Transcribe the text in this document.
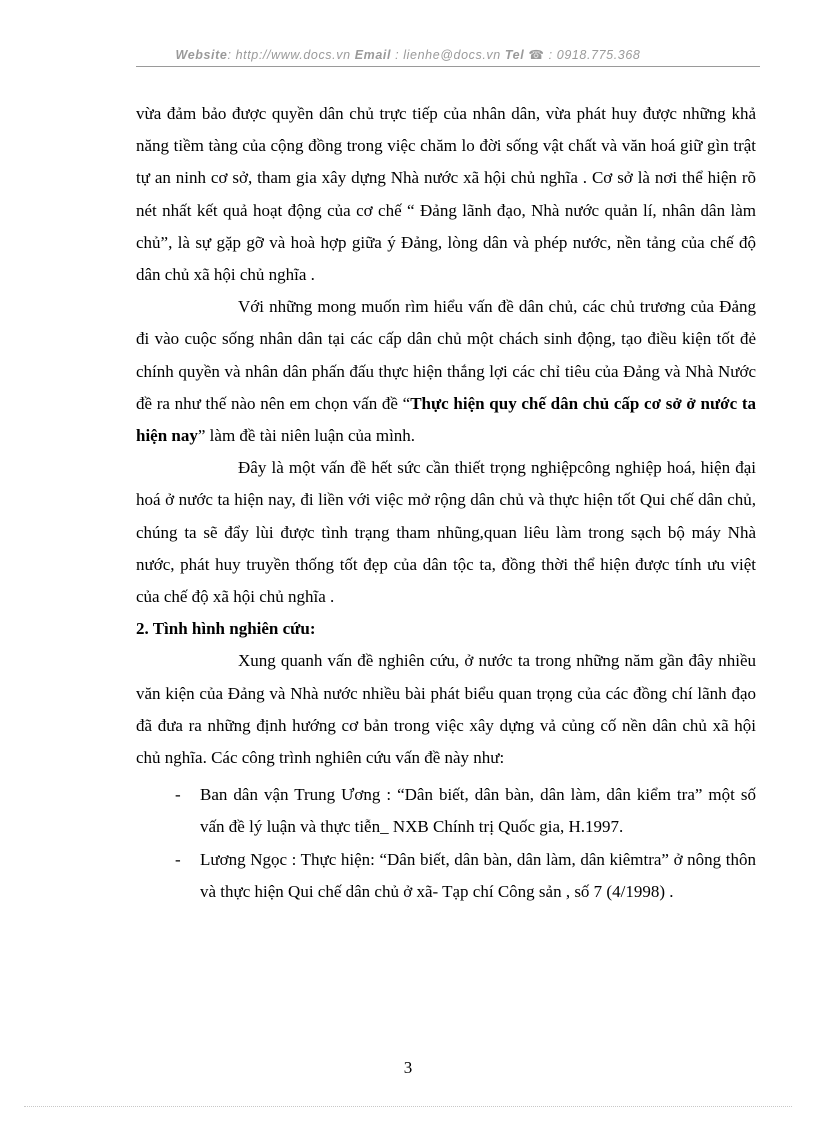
Website: http://www.docs.vn Email : lienhe@docs.vn Tel ☎ : 0918.775.368

vừa đảm bảo được quyền dân chủ trực tiếp của nhân dân, vừa phát huy được những khả năng tiềm tàng của cộng đồng trong việc chăm lo đời sống vật chất và văn hoá giữ gìn trật tự an ninh cơ sở, tham gia xây dựng Nhà nước xã hội chủ nghĩa . Cơ sở là nơi thể hiện rõ nét nhất kết quả hoạt động của cơ chế “ Đảng lãnh đạo, Nhà nước quản lí, nhân dân làm chủ”, là sự gặp gỡ và hoà hợp giữa ý Đảng, lòng dân và phép nước, nền tảng của chế độ dân chủ xã hội chủ nghĩa .

Với những mong muốn rìm hiểu vấn đề dân chủ, các chủ trương của Đảng đi vào cuộc sống nhân dân tại các cấp dân chủ một chách sinh động, tạo điều kiện tốt đẻ chính quyền và nhân dân phấn đấu thực hiện thắng lợi các chỉ tiêu của Đảng và Nhà Nước đề ra như thế nào nên em chọn vấn đề “Thực hiện quy chế dân chủ cấp cơ sở ở nước ta hiện nay” làm đề tài niên luận của mình.

Đây là một vấn đề hết sức cần thiết trọng nghiệpcông nghiệp hoá, hiện đại hoá ở nước ta hiện nay, đi liền với việc mở rộng dân chủ và thực hiện tốt Qui chế dân chủ, chúng ta sẽ đẩy lùi được tình trạng tham nhũng,quan liêu làm trong sạch bộ máy Nhà nước, phát huy truyền thống tốt đẹp của dân tộc ta, đồng thời thể hiện được tính ưu việt của chế độ xã hội chủ nghĩa .

2. Tình hình nghiên cứu:

Xung quanh vấn đề nghiên cứu, ở nước ta trong những năm gần đây nhiều văn kiện của Đảng và Nhà nước nhiều bài phát biểu quan trọng của các đồng chí lãnh đạo đã đưa ra những định hướng cơ bản trong việc xây dựng vả củng cố nền dân chủ xã hội chủ nghĩa. Các công trình nghiên cứu vấn đề này như:

- Ban dân vận Trung Ương : “Dân biết, dân bàn, dân làm, dân kiểm tra” một số vấn đề lý luận và thực tiễn_ NXB Chính trị Quốc gia, H.1997.
- Lương Ngọc : Thực hiện: “Dân biết, dân bàn, dân làm, dân kiêmtra” ở nông thôn và thực hiện Qui chế dân chủ ở xã- Tạp chí Công sản , số 7 (4/1998) .
3
